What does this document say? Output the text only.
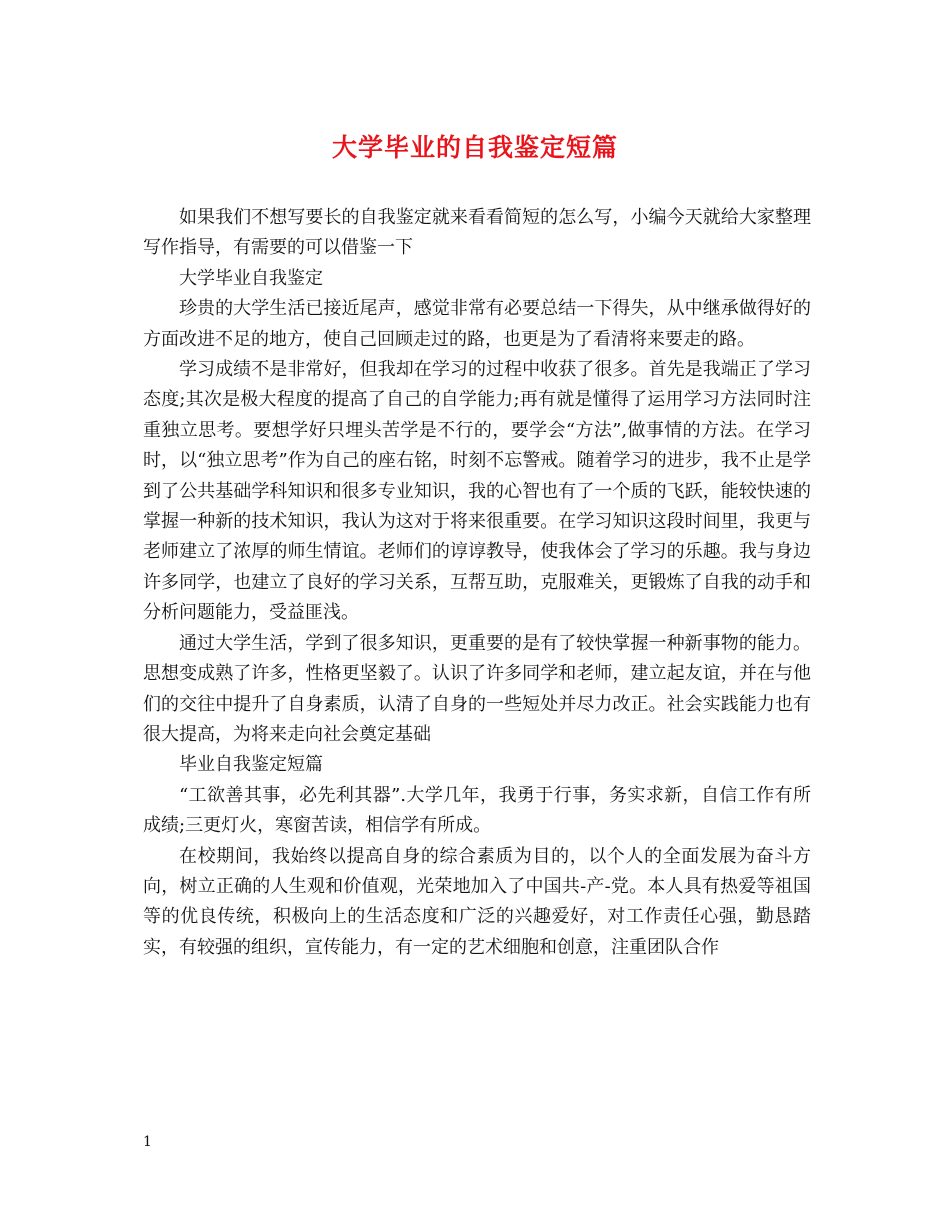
大学毕业的自我鉴定短篇

如果我们不想写要长的自我鉴定就来看看简短的怎么写，小编今天就给大家整理写作指导，有需要的可以借鉴一下

大学毕业自我鉴定

珍贵的大学生活已接近尾声，感觉非常有必要总结一下得失，从中继承做得好的方面改进不足的地方，使自己回顾走过的路，也更是为了看清将来要走的路。

学习成绩不是非常好，但我却在学习的过程中收获了很多。首先是我端正了学习态度;其次是极大程度的提高了自己的自学能力;再有就是懂得了运用学习方法同时注重独立思考。要想学好只埋头苦学是不行的，要学会“方法”,做事情的方法。在学习时，以“独立思考”作为自己的座右铭，时刻不忘警戒。随着学习的进步，我不止是学到了公共基础学科知识和很多专业知识，我的心智也有了一个质的飞跃，能较快速的掌握一种新的技术知识，我认为这对于将来很重要。在学习知识这段时间里，我更与老师建立了浓厚的师生情谊。老师们的谆谆教导，使我体会了学习的乐趣。我与身边许多同学，也建立了良好的学习关系，互帮互助，克服难关，更锻炼了自我的动手和分析问题能力，受益匪浅。

通过大学生活，学到了很多知识，更重要的是有了较快掌握一种新事物的能力。思想变成熟了许多，性格更坚毅了。认识了许多同学和老师，建立起友谊，并在与他们的交往中提升了自身素质，认清了自身的一些短处并尽力改正。社会实践能力也有很大提高，为将来走向社会奠定基础

毕业自我鉴定短篇

“工欲善其事，必先利其器”.大学几年，我勇于行事，务实求新，自信工作有所成绩;三更灯火，寒窗苦读，相信学有所成。

在校期间，我始终以提高自身的综合素质为目的，以个人的全面发展为奋斗方向，树立正确的人生观和价值观，光荣地加入了中国共-产-党。本人具有热爱等祖国等的优良传统，积极向上的生活态度和广泛的兴趣爱好，对工作责任心强，勤恳踏实，有较强的组织，宣传能力，有一定的艺术细胞和创意，注重团队合作

1
